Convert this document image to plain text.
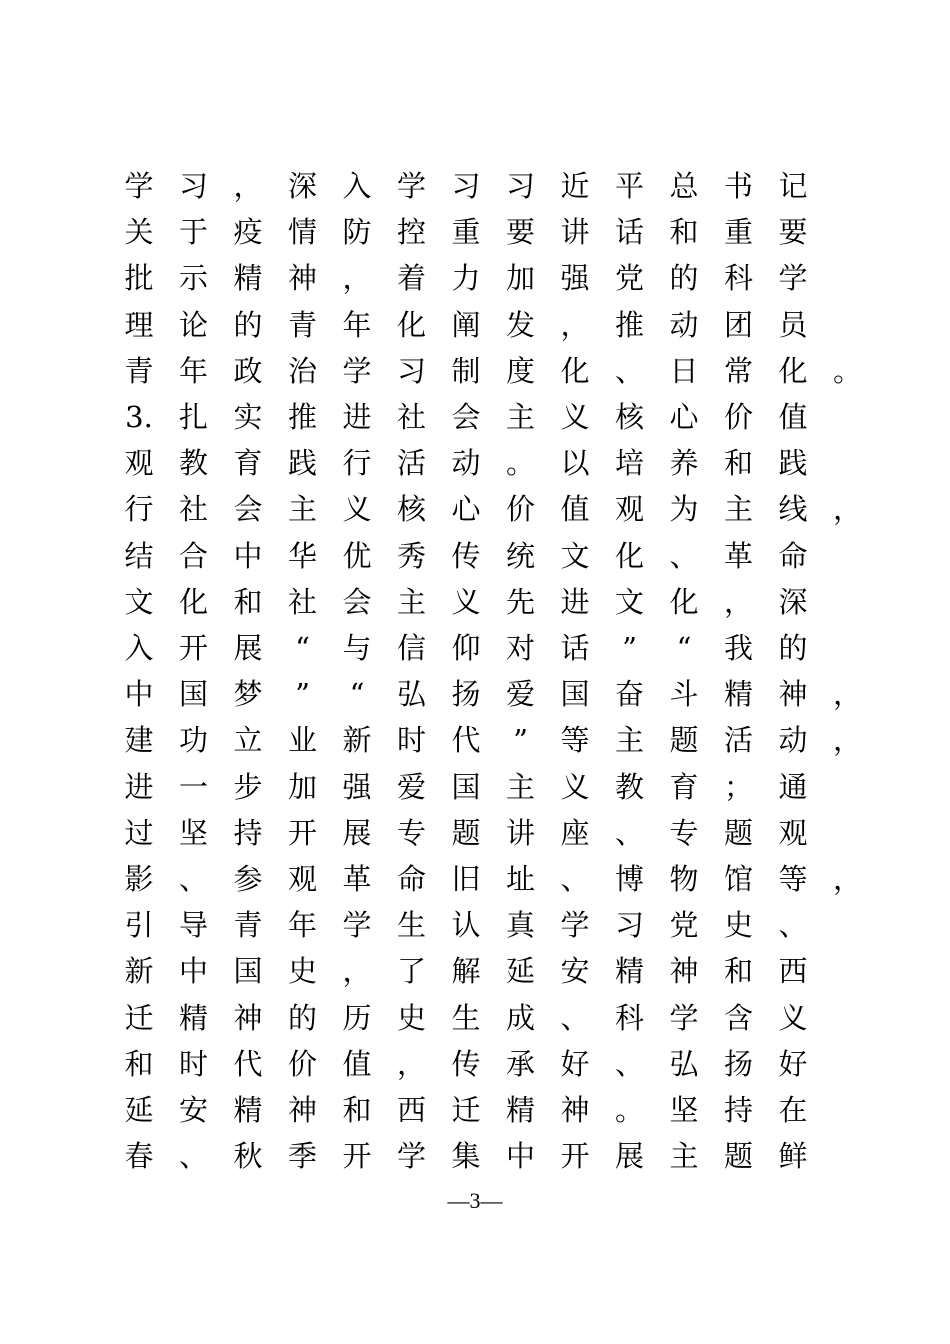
学 习 ， 深 入 学 习 习 近 平 总 书 记
关 于 疫 情 防 控 重 要 讲 话 和 重 要
批 示 精 神 ， 着 力 加 强 党 的 科 学
理 论 的 青 年 化 阐 发 ， 推 动 团 员
青 年 政 治 学 习 制 度 化 、 日 常 化 。
3. 扎 实 推 进 社 会 主 义 核 心 价 值
观 教 育 践 行 活 动 。 以 培 养 和 践
行 社 会 主 义 核 心 价 值 观 为 主 线 ，
结 合 中 华 优 秀 传 统 文 化 、 革 命
文 化 和 社 会 主 义 先 进 文 化 ， 深
入 开 展 “ 与 信 仰 对 话 ” “ 我 的
中 国 梦 ” “ 弘 扬 爱 国 奋 斗 精 神 ，
建 功 立 业 新 时 代 ” 等 主 题 活 动 ，
进 一 步 加 强 爱 国 主 义 教 育 ； 通
过 坚 持 开 展 专 题 讲 座 、 专 题 观
影 、 参 观 革 命 旧 址 、 博 物 馆 等 ，
引 导 青 年 学 生 认 真 学 习 党 史 、
新 中 国 史 ， 了 解 延 安 精 神 和 西
迁 精 神 的 历 史 生 成 、 科 学 含 义
和 时 代 价 值 ， 传 承 好 、 弘 扬 好
延 安 精 神 和 西 迁 精 神 。 坚 持 在
春 、 秋 季 开 学 集 中 开 展 主 题 鲜
—3—
